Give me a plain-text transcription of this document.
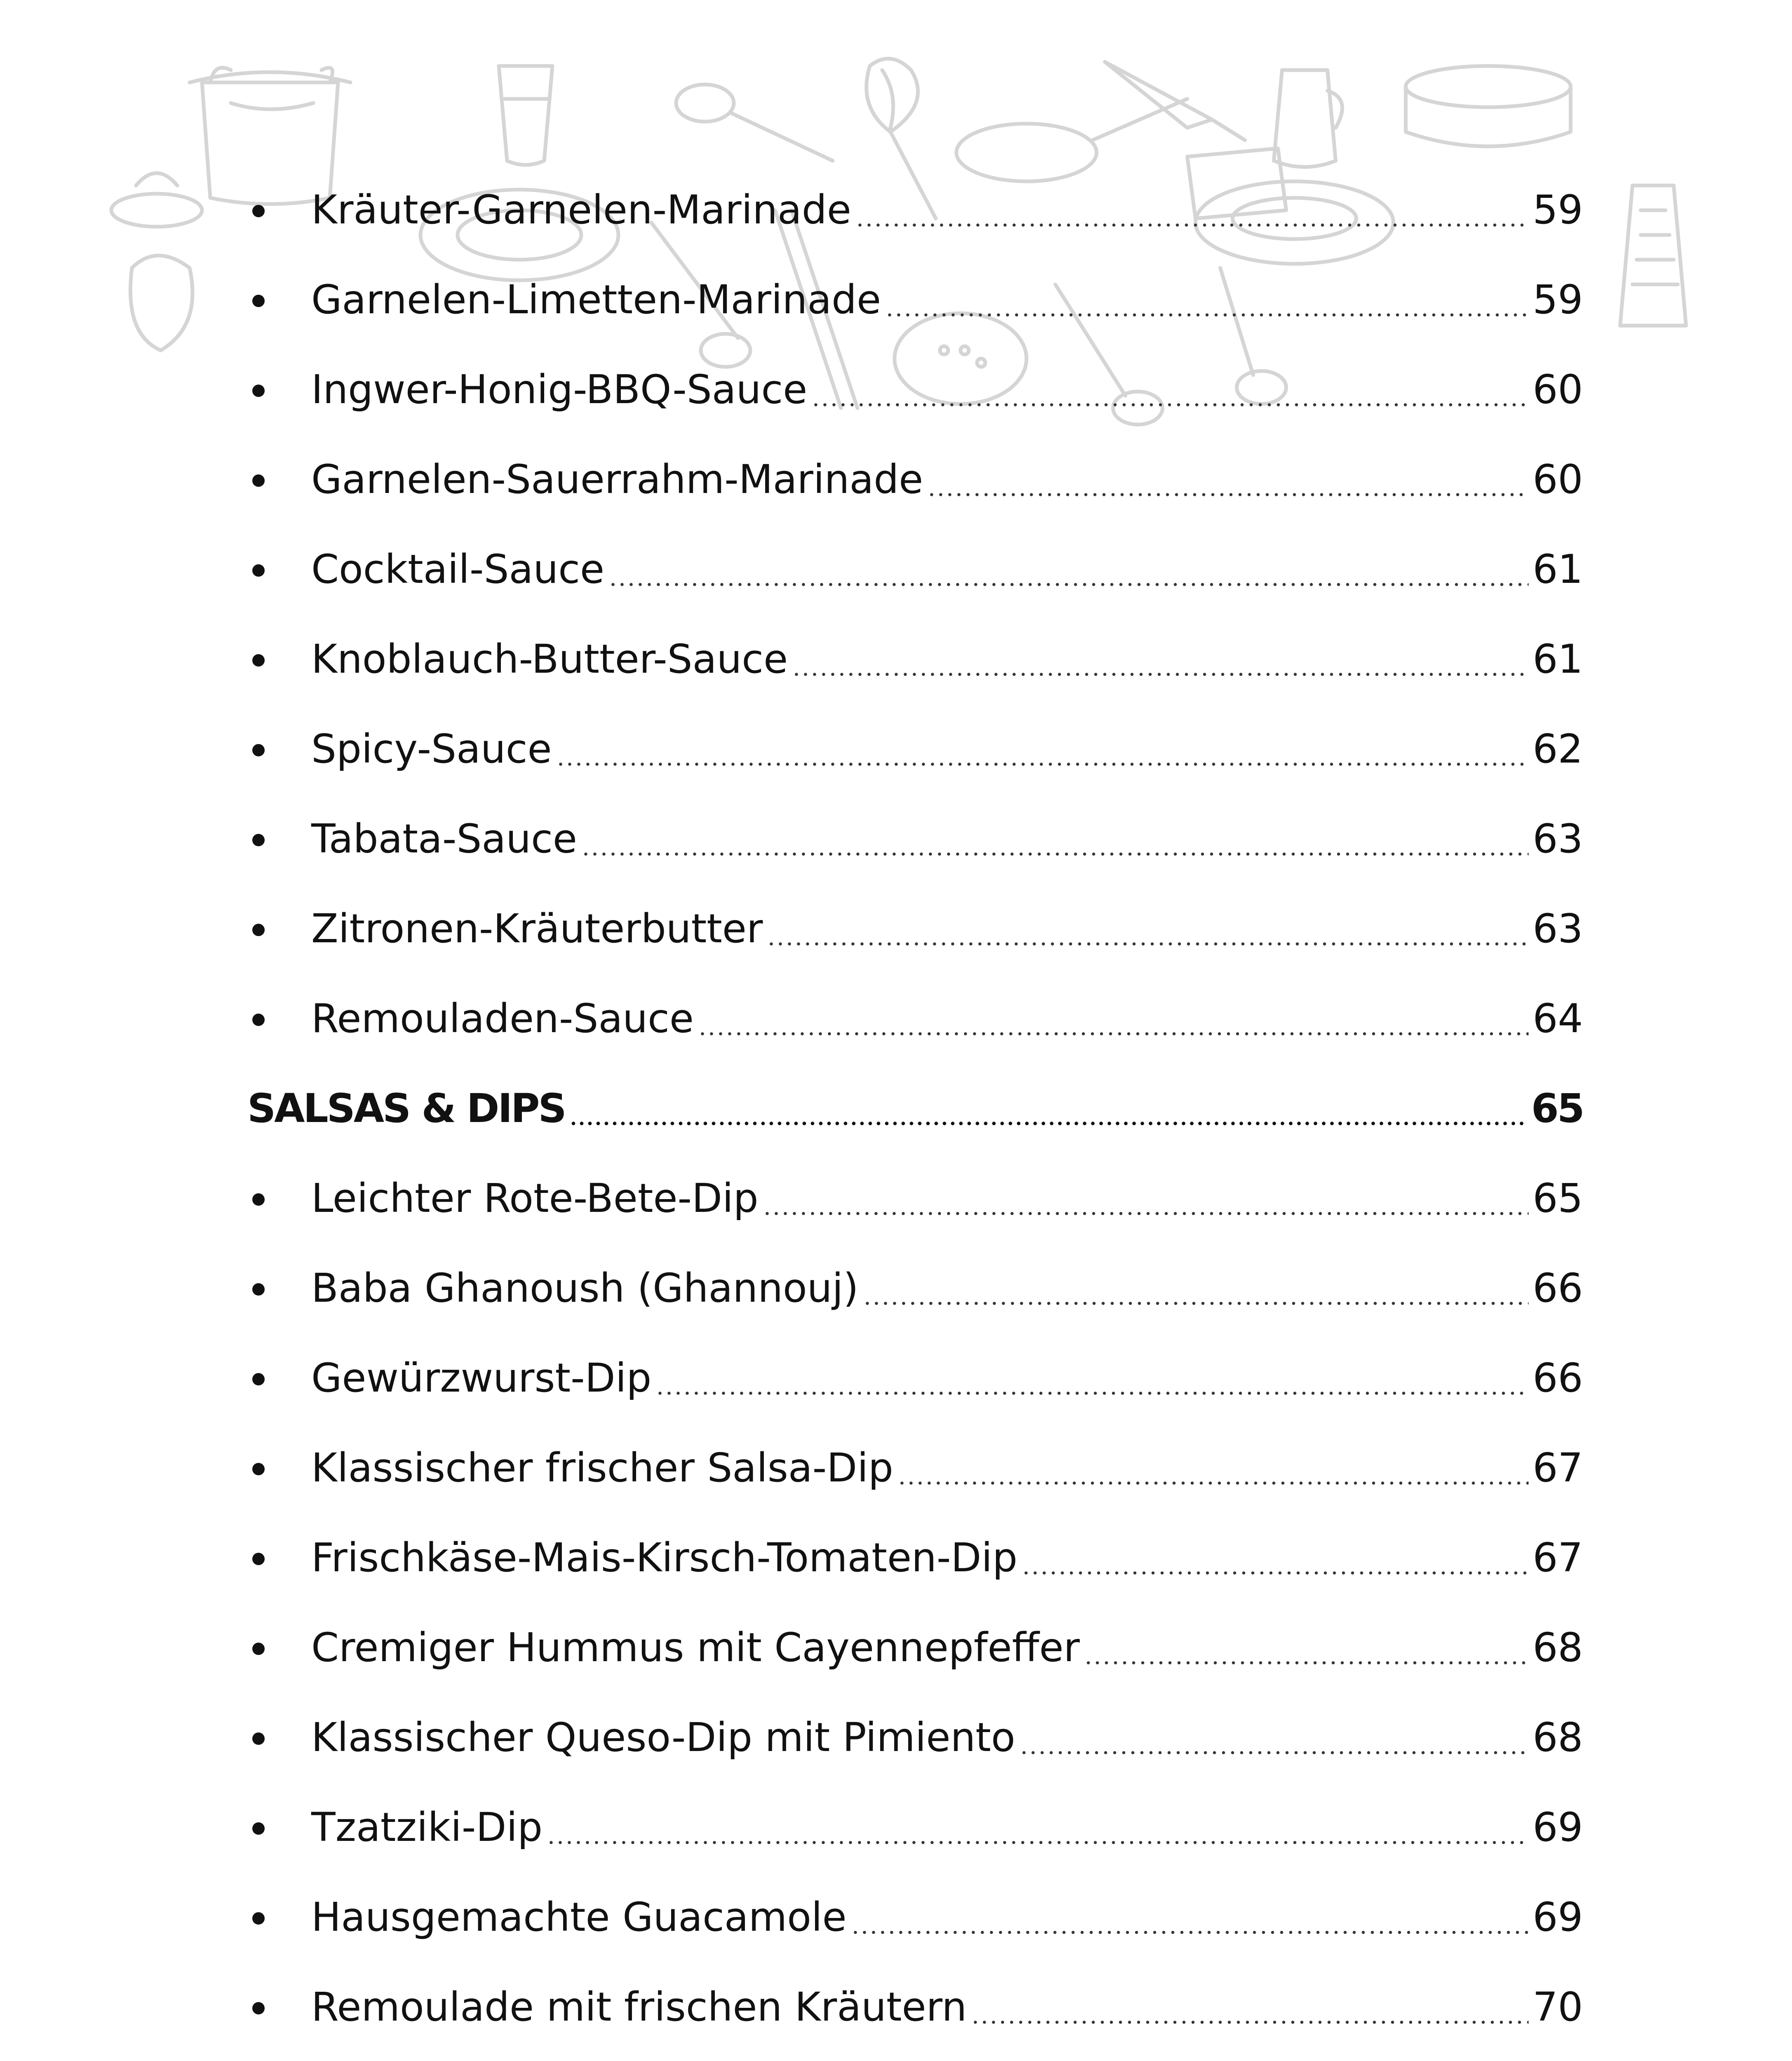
Kräuter-Garnelen-Marinade	59
Garnelen-Limetten-Marinade	59
Ingwer-Honig-BBQ-Sauce	60
Garnelen-Sauerrahm-Marinade	60
Cocktail-Sauce	61
Knoblauch-Butter-Sauce	61
Spicy-Sauce	62
Tabata-Sauce	63
Zitronen-Kräuterbutter	63
Remouladen-Sauce	64
SALSAS & DIPS	65
Leichter Rote-Bete-Dip	65
Baba Ghanoush (Ghannouj)	66
Gewürzwurst-Dip	66
Klassischer frischer Salsa-Dip	67
Frischkäse-Mais-Kirsch-Tomaten-Dip	67
Cremiger Hummus mit Cayennepfeffer	68
Klassischer Queso-Dip mit Pimiento	68
Tzatziki-Dip	69
Hausgemachte Guacamole	69
Remoulade mit frischen Kräutern	70
